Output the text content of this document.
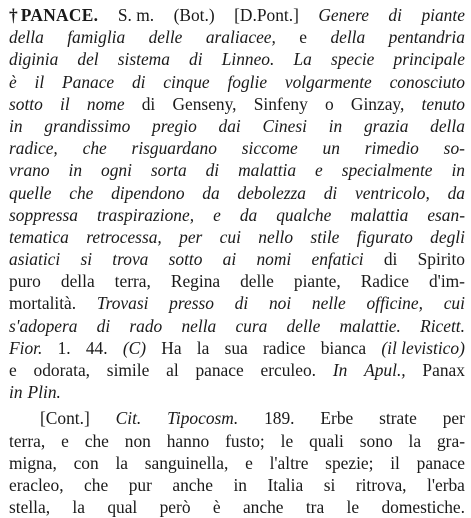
† PANACE. S. m. (Bot.) [D.Pont.] Genere di piante
della famiglia delle araliacee, e della pentandria
diginia del sistema di Linneo. La specie principale
è il Panace di cinque foglie volgarmente conosciuto
sotto il nome di Genseny, Sinfeny o Ginzay, tenuto
in grandissimo pregio dai Cinesi in grazia della
radice, che risguardano siccome un rimedio so-
vrano in ogni sorta di malattia e specialmente in
quelle che dipendono da debolezza di ventricolo, da
soppressa traspirazione, e da qualche malattia esan-
tematica retrocessa, per cui nello stile figurato degli
asiatici si trova sotto ai nomi enfatici di Spirito
puro della terra, Regina delle piante, Radice d'im-
mortalità. Trovasi presso di noi nelle officine, cui
s'adopera di rado nella cura delle malattie. Ricett.
Fior. 1. 44. (C) Ha la sua radice bianca (il levistico)
e odorata, simile al panace erculeo. In Apul., Panax
in Plin.
[Cont.] Cit. Tipocosm. 189. Erbe strate per
terra, e che non hanno fusto; le quali sono la gra-
migna, con la sanguinella, e l'altre spezie; il panace
eracleo, che pur anche in Italia si ritrova, l'erba
stella, la qual però è anche tra le domestiche.
